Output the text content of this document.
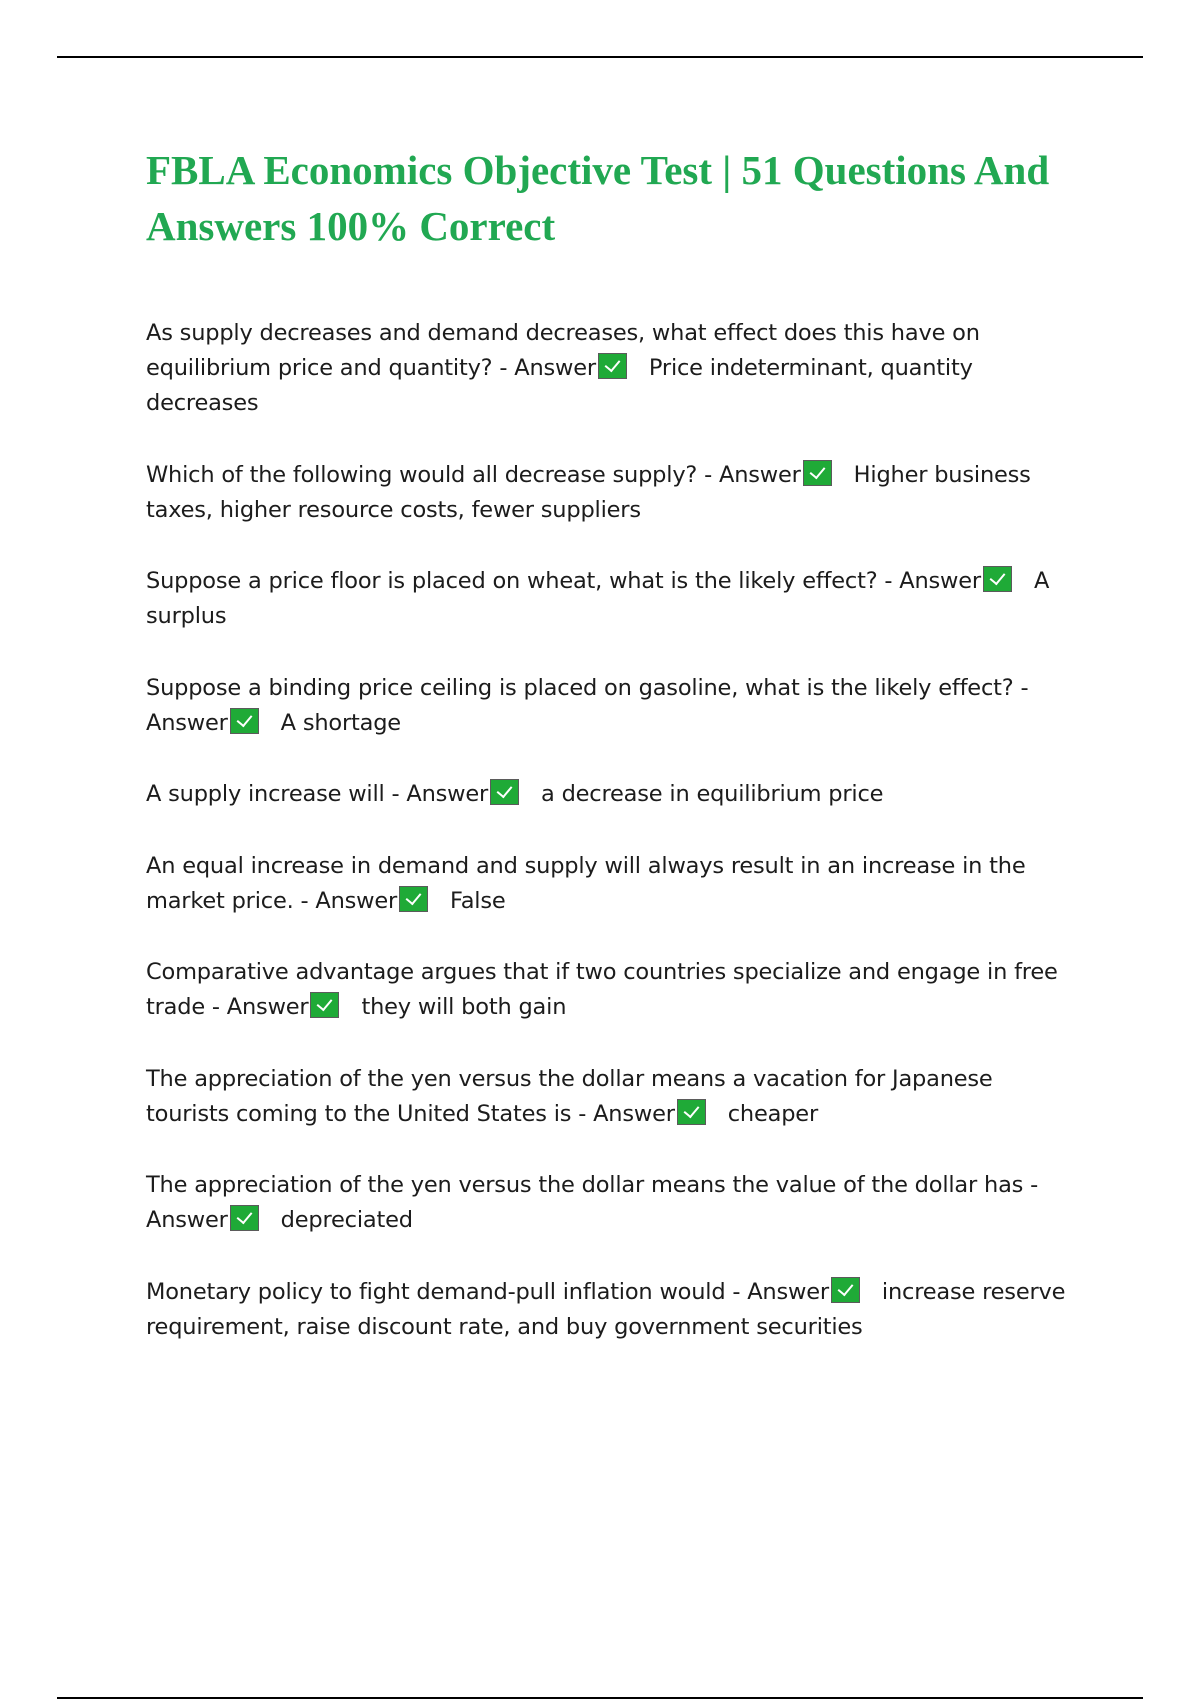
FBLA Economics Objective Test | 51 Questions And Answers 100% Correct

As supply decreases and demand decreases, what effect does this have on equilibrium price and quantity? - Answer Price indeterminant, quantity decreases

Which of the following would all decrease supply? - Answer Higher business taxes, higher resource costs, fewer suppliers

Suppose a price floor is placed on wheat, what is the likely effect? - Answer A surplus

Suppose a binding price ceiling is placed on gasoline, what is the likely effect? - Answer A shortage

A supply increase will - Answer a decrease in equilibrium price

An equal increase in demand and supply will always result in an increase in the market price. - Answer False

Comparative advantage argues that if two countries specialize and engage in free trade - Answer they will both gain

The appreciation of the yen versus the dollar means a vacation for Japanese tourists coming to the United States is - Answer cheaper

The appreciation of the yen versus the dollar means the value of the dollar has - Answer depreciated

Monetary policy to fight demand-pull inflation would - Answer increase reserve requirement, raise discount rate, and buy government securities
